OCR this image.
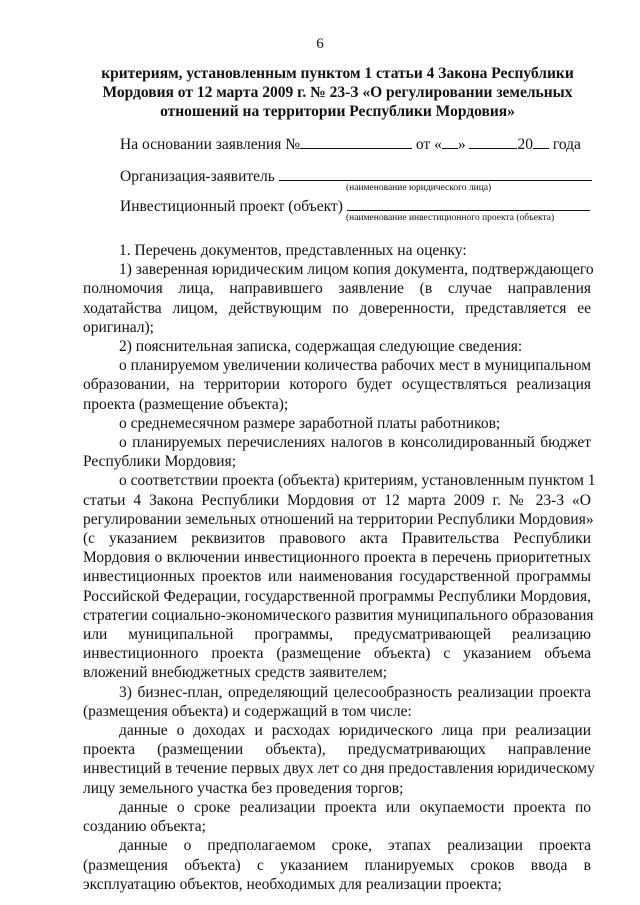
6
критериям, установленным пунктом 1 статьи 4 Закона Республики
Мордовия от 12 марта 2009 г. № 23-З «О регулировании земельных
отношений на территории Республики Мордовия»
На основании заявления №	от « »	20 года
Организация-заявитель
(наименование юридического лица)
Инвестиционный проект (объект)
(наименование инвестиционного проекта (объекта)
1. Перечень документов, представленных на оценку:
1) заверенная юридическим лицом копия документа, подтверждающего
полномочия лица, направившего заявление (в случае направления
ходатайства лицом, действующим по доверенности, представляется ее
оригинал);
2) пояснительная записка, содержащая следующие сведения:
о планируемом увеличении количества рабочих мест в муниципальном
образовании, на территории которого будет осуществляться реализация
проекта (размещение объекта);
о среднемесячном размере заработной платы работников;
о планируемых перечислениях налогов в консолидированный бюджет
Республики Мордовия;
о соответствии проекта (объекта) критериям, установленным пунктом 1
статьи 4 Закона Республики Мордовия от 12 марта 2009 г. № 23-З «О
регулировании земельных отношений на территории Республики Мордовия»
(с указанием реквизитов правового акта Правительства Республики
Мордовия о включении инвестиционного проекта в перечень приоритетных
инвестиционных проектов или наименования государственной программы
Российской Федерации, государственной программы Республики Мордовия,
стратегии социально-экономического развития муниципального образования
или муниципальной программы, предусматривающей реализацию
инвестиционного проекта (размещение объекта) с указанием объема
вложений внебюджетных средств заявителем;
3) бизнес-план, определяющий целесообразность реализации проекта
(размещения объекта) и содержащий в том числе:
данные о доходах и расходах юридического лица при реализации
проекта (размещении объекта), предусматривающих направление
инвестиций в течение первых двух лет со дня предоставления юридическому
лицу земельного участка без проведения торгов;
данные о сроке реализации проекта или окупаемости проекта по
созданию объекта;
данные о предполагаемом сроке, этапах реализации проекта
(размещения объекта) с указанием планируемых сроков ввода в
эксплуатацию объектов, необходимых для реализации проекта;
